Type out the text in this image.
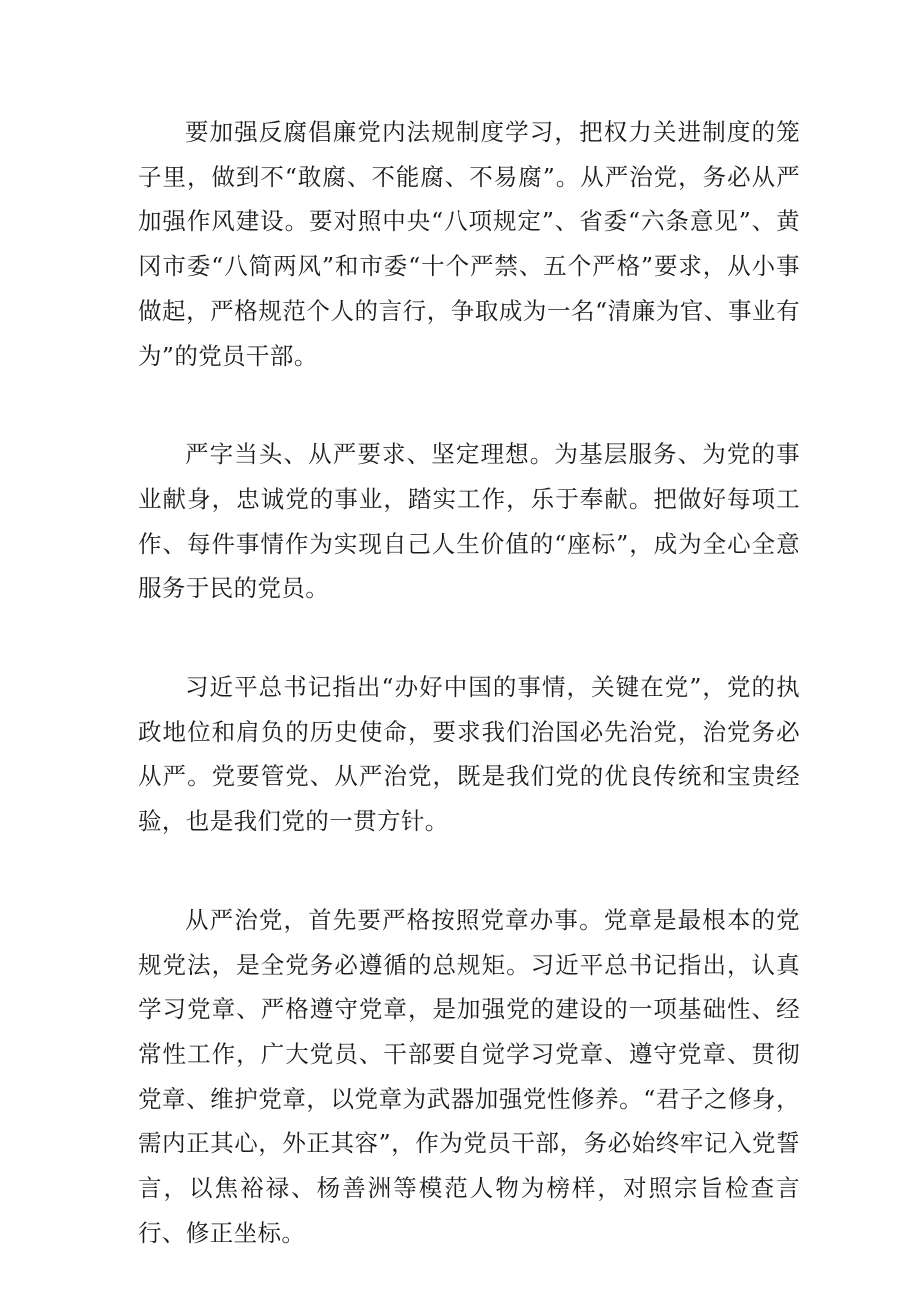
要加强反腐倡廉党内法规制度学习，把权力关进制度的笼子里，做到不“敢腐、不能腐、不易腐”。从严治党，务必从严加强作风建设。要对照中央“八项规定”、省委“六条意见”、黄冈市委“八简两风”和市委“十个严禁、五个严格”要求，从小事做起，严格规范个人的言行，争取成为一名“清廉为官、事业有为”的党员干部。

严字当头、从严要求、坚定理想。为基层服务、为党的事业献身，忠诚党的事业，踏实工作，乐于奉献。把做好每项工作、每件事情作为实现自己人生价值的“座标”，成为全心全意服务于民的党员。

习近平总书记指出“办好中国的事情，关键在党”，党的执政地位和肩负的历史使命，要求我们治国必先治党，治党务必从严。党要管党、从严治党，既是我们党的优良传统和宝贵经验，也是我们党的一贯方针。

从严治党，首先要严格按照党章办事。党章是最根本的党规党法，是全党务必遵循的总规矩。习近平总书记指出，认真学习党章、严格遵守党章，是加强党的建设的一项基础性、经常性工作，广大党员、干部要自觉学习党章、遵守党章、贯彻党章、维护党章，以党章为武器加强党性修养。“君子之修身，需内正其心，外正其容”，作为党员干部，务必始终牢记入党誓言，以焦裕禄、杨善洲等模范人物为榜样，对照宗旨检查言行、修正坐标。
